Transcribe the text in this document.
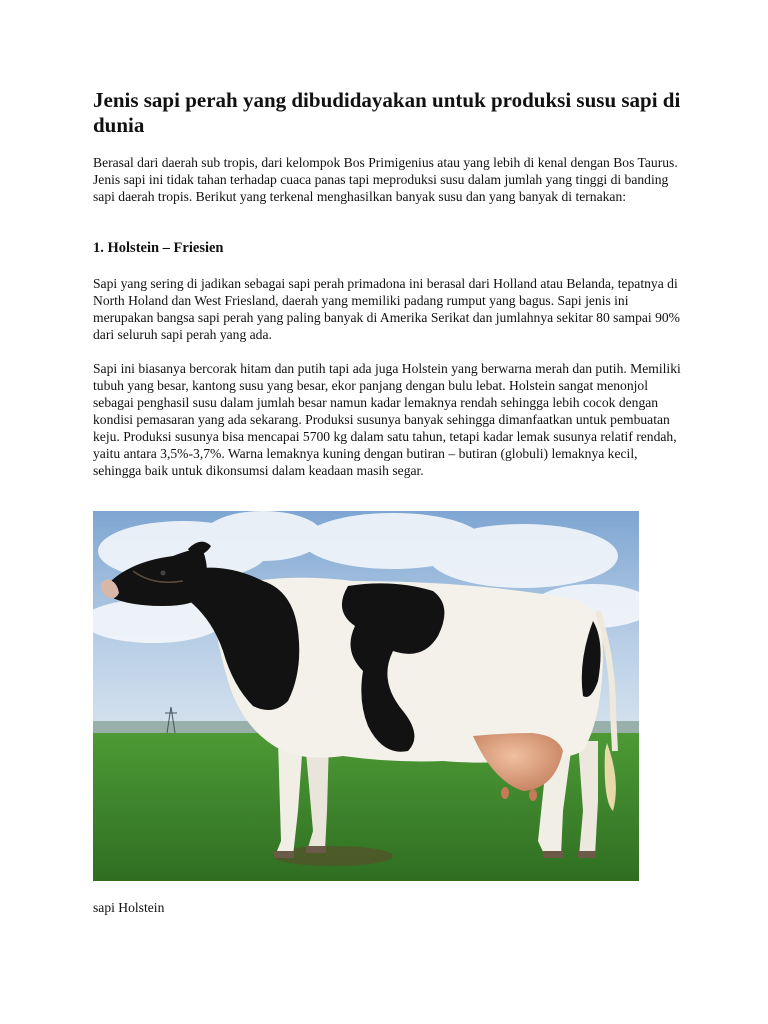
Jenis sapi perah yang dibudidayakan untuk produksi susu sapi di dunia

Berasal dari daerah sub tropis, dari kelompok Bos Primigenius atau yang lebih di kenal dengan Bos Taurus. Jenis sapi ini tidak tahan terhadap cuaca panas tapi meproduksi susu dalam jumlah yang tinggi di banding sapi daerah tropis. Berikut yang terkenal menghasilkan banyak susu dan yang banyak di ternakan:

1. Holstein – Friesien

Sapi yang sering di jadikan sebagai sapi perah primadona ini berasal dari Holland atau Belanda, tepatnya di North Holand dan West Friesland, daerah yang memiliki padang rumput yang bagus. Sapi jenis ini merupakan bangsa sapi perah yang paling banyak di Amerika Serikat dan jumlahnya sekitar 80 sampai 90% dari seluruh sapi perah yang ada.

Sapi ini biasanya bercorak hitam dan putih tapi ada juga Holstein yang berwarna merah dan putih. Memiliki tubuh yang besar, kantong susu yang besar, ekor panjang dengan bulu lebat. Holstein sangat menonjol sebagai penghasil susu dalam jumlah besar namun kadar lemaknya rendah sehingga lebih cocok dengan kondisi pemasaran yang ada sekarang. Produksi susunya banyak sehingga dimanfaatkan untuk pembuatan keju. Produksi susunya bisa mencapai 5700 kg dalam satu tahun, tetapi kadar lemak susunya relatif rendah, yaitu antara 3,5%-3,7%. Warna lemaknya kuning dengan butiran – butiran (globuli) lemaknya kecil, sehingga baik untuk dikonsumsi dalam keadaan masih segar.

sapi Holstein
